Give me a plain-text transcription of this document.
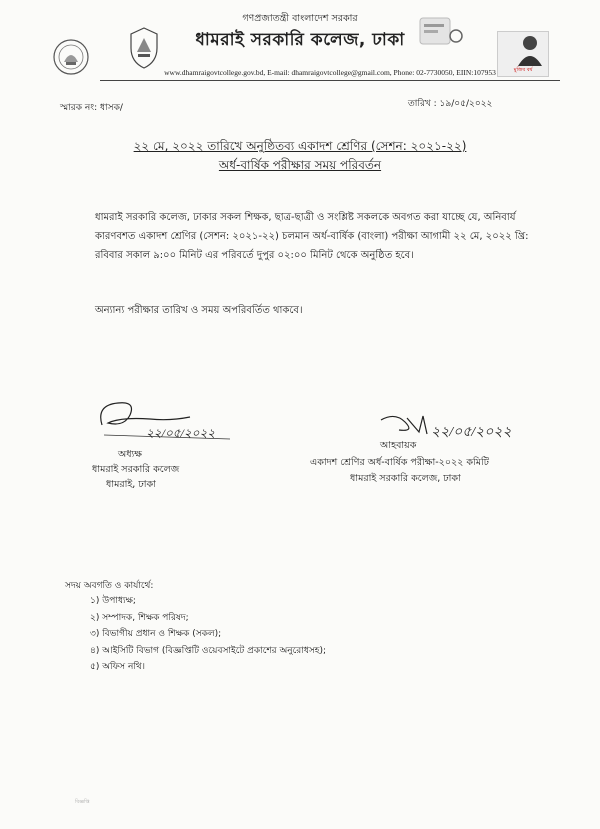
গণপ্রজাতন্ত্রী বাংলাদেশ সরকার
ধামরাই সরকারি কলেজ, ঢাকা
মুজিব বর্ষ
www.dhamraigovtcollege.gov.bd, E-mail: dhamraigovtcollege@gmail.com, Phone: 02-7730050, EIIN:107953
স্মারক নং: ধাসক/	তারিখ : ১৯/০৫/২০২২
২২ মে, ২০২২ তারিখে অনুষ্ঠিতব্য একাদশ শ্রেণির (সেশন: ২০২১-২২)
অর্ধ-বার্ষিক পরীক্ষার সময় পরিবর্তন
ধামরাই সরকারি কলেজ, ঢাকার সকল শিক্ষক, ছাত্র-ছাত্রী ও সংশ্লিষ্ট সকলকে অবগত করা যাচ্ছে যে, অনিবার্য কারণবশত একাদশ শ্রেণির (সেশন: ২০২১-২২) চলমান অর্ধ-বার্ষিক (বাংলা) পরীক্ষা আগামী ২২ মে, ২০২২ খ্রি: রবিবার সকাল ৯:০০ মিনিট এর পরিবর্তে দুপুর ০২:০০ মিনিট থেকে অনুষ্ঠিত হবে।
অন্যান্য পরীক্ষার তারিখ ও সময় অপরিবর্তিত থাকবে।
২২/০৫/২০২২
অধ্যক্ষ
ধামরাই সরকারি কলেজ
ধামরাই, ঢাকা
২২/০৫/২০২২
আহবায়ক
একাদশ শ্রেণির অর্ধ-বার্ষিক পরীক্ষা-২০২২ কমিটি
ধামরাই সরকারি কলেজ, ঢাকা
সদয় অবগতি ও কার্যার্থে:
১) উপাধ্যক্ষ;
২) সম্পাদক, শিক্ষক পরিষদ;
৩) বিভাগীয় প্রধান ও শিক্ষক (সকল);
৪) আইসিটি বিভাগ (বিজ্ঞপ্তিটি ওয়েবসাইটে প্রকাশের অনুরোধসহ);
৫) অফিস নথি।
বিজ্ঞপ্তি
